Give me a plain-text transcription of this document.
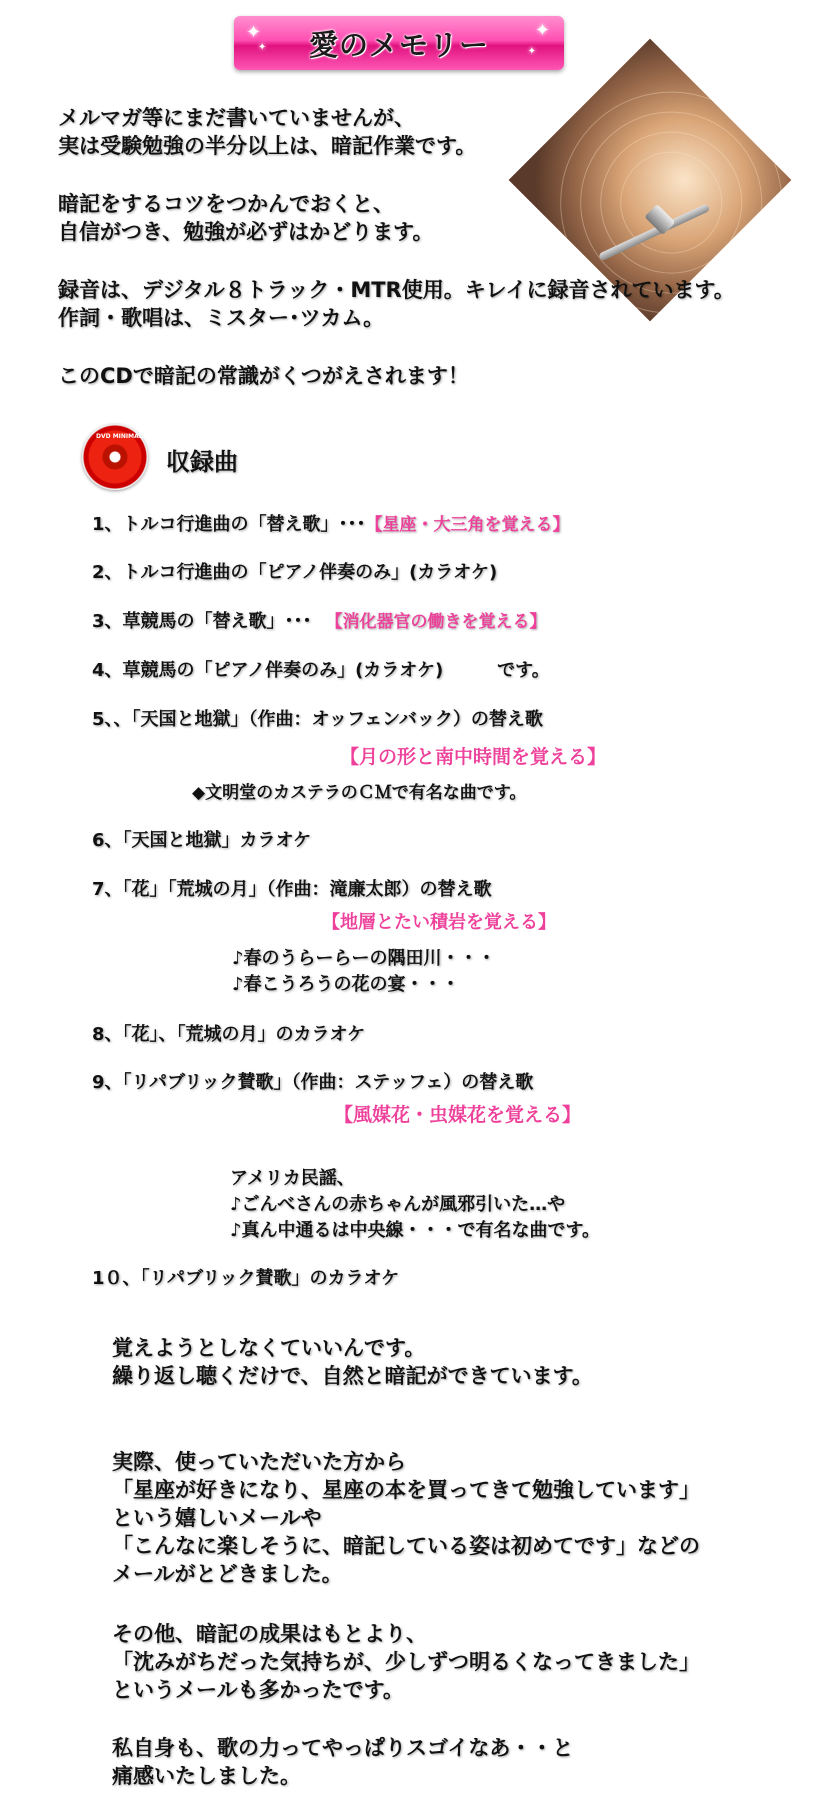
✦
✦ 愛のメモリー	✦
✦
メルマガ等にまだ書いていませんが、
実は受験勉強の半分以上は、暗記作業です。
暗記をするコツをつかんでおくと、
自信がつき、勉強が必ずはかどります。
録音は、デジタル８トラック・MTR使用。キレイに録音されています。
作詞・歌唱は、ミスター･ツカム。
このCDで暗記の常識がくつがえされます！
DVD MINIMAL
収録曲
1、トルコ行進曲の「替え歌」･･･【星座・大三角を覚える】
2、トルコ行進曲の「ピアノ伴奏のみ」(カラオケ)
3、草競馬の「替え歌」･･･ 【消化器官の働きを覚える】
4、草競馬の「ピアノ伴奏のみ」(カラオケ)　　　です。
5、、「天国と地獄」（作曲：オッフェンバック）の替え歌
【月の形と南中時間を覚える】
◆文明堂のカステラのＣＭで有名な曲です。
6、「天国と地獄」カラオケ
7、「花」「荒城の月」（作曲：滝廉太郎）の替え歌
【地層とたい積岩を覚える】
♪春のうらーらーの隅田川・・・
♪春こうろうの花の宴・・・
8、「花」、「荒城の月」のカラオケ
9、「リパブリック賛歌」（作曲：ステッフェ）の替え歌
【風媒花・虫媒花を覚える】
アメリカ民謡、
♪ごんべさんの赤ちゃんが風邪引いた…や
♪真ん中通るは中央線・・・で有名な曲です。
1０、「リパブリック賛歌」のカラオケ
覚えようとしなくていいんです。
繰り返し聴くだけで、自然と暗記ができています。
実際、使っていただいた方から
「星座が好きになり、星座の本を買ってきて勉強しています」
という嬉しいメールや
「こんなに楽しそうに、暗記している姿は初めてです」などの
メールがとどきました。
その他、暗記の成果はもとより、
「沈みがちだった気持ちが、少しずつ明るくなってきました」
というメールも多かったです。
私自身も、歌の力ってやっぱりスゴイなあ・・と
痛感いたしました。
